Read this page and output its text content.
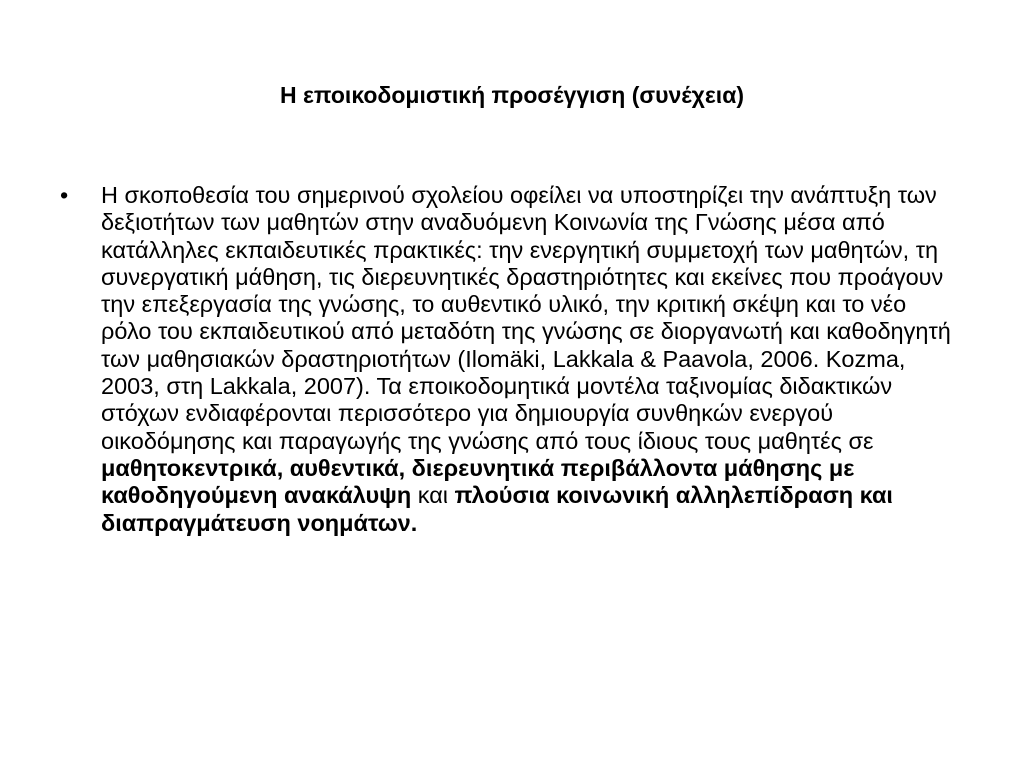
Η εποικοδομιστική προσέγγιση (συνέχεια)
• Η σκοποθεσία του σημερινού σχολείου οφείλει να υποστηρίζει την ανάπτυξη των δεξιοτήτων των μαθητών στην αναδυόμενη Κοινωνία της Γνώσης μέσα από κατάλληλες εκπαιδευτικές πρακτικές: την ενεργητική συμμετοχή των μαθητών, τη συνεργατική μάθηση, τις διερευνητικές δραστηριότητες και εκείνες που προάγουν την επεξεργασία της γνώσης, το αυθεντικό υλικό, την κριτική σκέψη και το νέο ρόλο του εκπαιδευτικού από μεταδότη της γνώσης σε διοργανωτή και καθοδηγητή των μαθησιακών δραστηριοτήτων (Ilomäki, Lakkala & Paavola, 2006. Kozma, 2003, στη Lakkala, 2007). Τα εποικοδομητικά μοντέλα ταξινομίας διδακτικών στόχων ενδιαφέρονται περισσότερο για δημιουργία συνθηκών ενεργού οικοδόμησης και παραγωγής της γνώσης από τους ίδιους τους μαθητές σε μαθητοκεντρικά, αυθεντικά, διερευνητικά περιβάλλοντα μάθησης με καθοδηγούμενη ανακάλυψη και πλούσια κοινωνική αλληλεπίδραση και διαπραγμάτευση νοημάτων.
